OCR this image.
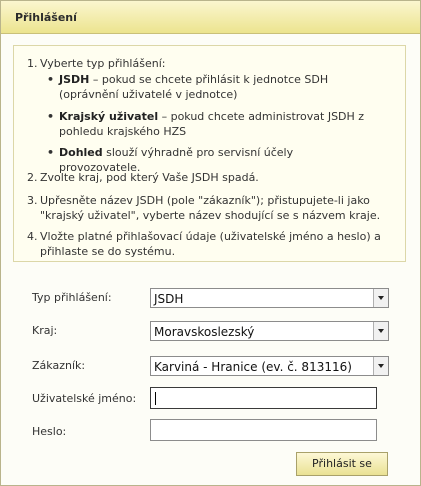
Přihlášení
1. Vyberte typ přihlášení:
• JSDH – pokud se chcete přihlásit k jednotce SDH (oprávnění uživatelé v jednotce)
• Krajský uživatel – pokud chcete administrovat JSDH z pohledu krajského HZS
• Dohled slouží výhradně pro servisní účely provozovatele.
2. Zvolte kraj, pod který Vaše JSDH spadá.
3. Upřesněte název JSDH (pole "zákazník"); přistupujete-li jako "krajský uživatel", vyberte název shodující se s názvem kraje.
4. Vložte platné přihlašovací údaje (uživatelské jméno a heslo) a přihlaste se do systému.
Typ přihlášení:	JSDH
Kraj:	Moravskoslezský
Zákazník:	Karviná - Hranice (ev. č. 813116)
Uživatelské jméno:
Heslo:
Přihlásit se
